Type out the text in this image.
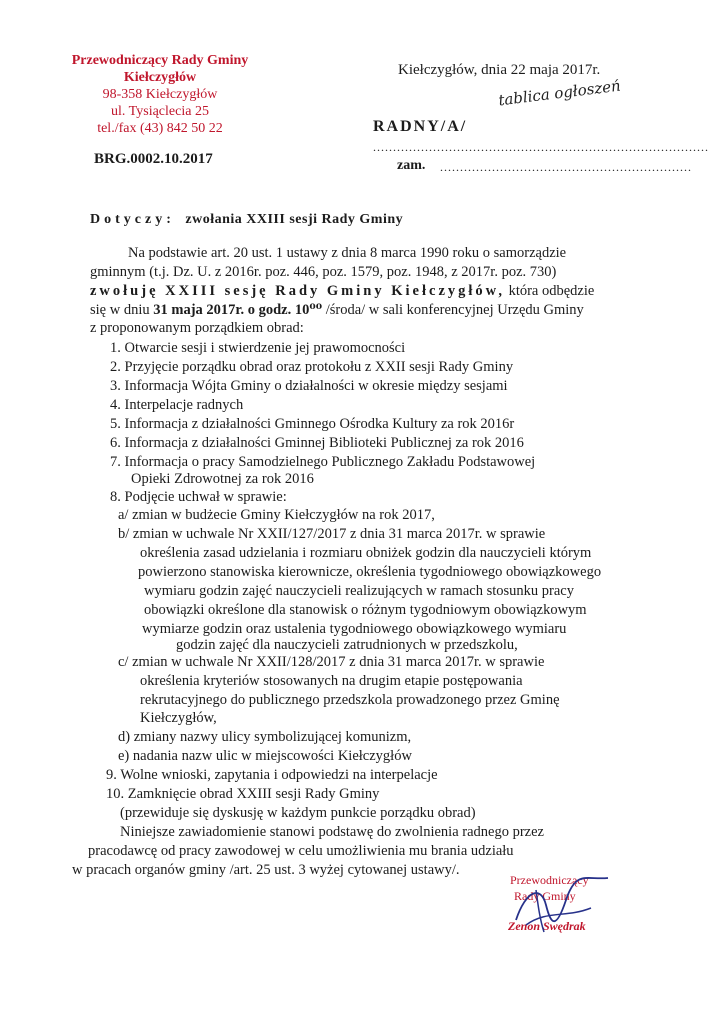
Przewodniczący Rady Gminy
Kiełczygłów
98-358 Kiełczygłów
ul. Tysiąclecia 25
tel./fax (43) 842 50 22
Kiełczygłów, dnia 22 maja 2017r.
tablica ogłoszeń
RADNY/A/
....................................................................................
zam. ...............................................................
BRG.0002.10.2017
Dotyczy: zwołania XXIII sesji Rady Gminy
Na podstawie art. 20 ust. 1 ustawy z dnia 8 marca 1990 roku o samorządzie
gminnym (t.j. Dz. U. z 2016r. poz. 446, poz. 1579, poz. 1948, z 2017r. poz. 730)
zwołuję XXIII sesję Rady Gminy Kiełczygłów, która odbędzie
się w dniu 31 maja 2017r. o godz. 10⁰⁰ /środa/ w sali konferencyjnej Urzędu Gminy
z proponowanym porządkiem obrad:
1. Otwarcie sesji i stwierdzenie jej prawomocności
2. Przyjęcie porządku obrad oraz protokołu z XXII sesji Rady Gminy
3. Informacja Wójta Gminy o działalności w okresie między sesjami
4. Interpelacje radnych
5. Informacja z działalności Gminnego Ośrodka Kultury za rok 2016r
6. Informacja z działalności Gminnej Biblioteki Publicznej za rok 2016
7. Informacja o pracy Samodzielnego Publicznego Zakładu Podstawowej
Opieki Zdrowotnej za rok 2016
8. Podjęcie uchwał w sprawie:
a/ zmian w budżecie Gminy Kiełczygłów na rok 2017,
b/ zmian w uchwale Nr XXII/127/2017 z dnia 31 marca 2017r. w sprawie
określenia zasad udzielania i rozmiaru obniżek godzin dla nauczycieli którym
powierzono stanowiska kierownicze, określenia tygodniowego obowiązkowego
wymiaru godzin zajęć nauczycieli realizujących w ramach stosunku pracy
obowiązki określone dla stanowisk o różnym tygodniowym obowiązkowym
wymiarze godzin oraz ustalenia tygodniowego obowiązkowego wymiaru
godzin zajęć dla nauczycieli zatrudnionych w przedszkolu,
c/ zmian w uchwale Nr XXII/128/2017 z dnia 31 marca 2017r. w sprawie
określenia kryteriów stosowanych na drugim etapie postępowania
rekrutacyjnego do publicznego przedszkola prowadzonego przez Gminę
Kiełczygłów,
d) zmiany nazwy ulicy symbolizującej komunizm,
e) nadania nazw ulic w miejscowości Kiełczygłów
9. Wolne wnioski, zapytania i odpowiedzi na interpelacje
10. Zamknięcie obrad XXIII sesji Rady Gminy
(przewiduje się dyskusję w każdym punkcie porządku obrad)
Niniejsze zawiadomienie stanowi podstawę do zwolnienia radnego przez
pracodawcę od pracy zawodowej w celu umożliwienia mu brania udziału
w pracach organów gminy /art. 25 ust. 3 wyżej cytowanej ustawy/.
Przewodniczący
Rady Gminy
Zenon Swędrak
